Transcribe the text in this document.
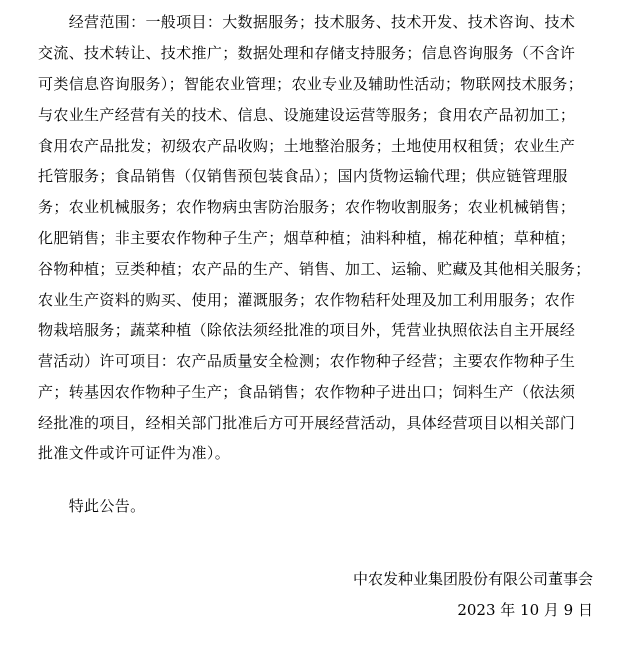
　　经营范围：一般项目：大数据服务；技术服务、技术开发、技术咨询、技术
交流、技术转让、技术推广；数据处理和存储支持服务；信息咨询服务（不含许
可类信息咨询服务）；智能农业管理；农业专业及辅助性活动；物联网技术服务；
与农业生产经营有关的技术、信息、设施建设运营等服务；食用农产品初加工；
食用农产品批发；初级农产品收购；土地整治服务；土地使用权租赁；农业生产
托管服务；食品销售（仅销售预包装食品）；国内货物运输代理；供应链管理服
务；农业机械服务；农作物病虫害防治服务；农作物收割服务；农业机械销售；
化肥销售；非主要农作物种子生产；烟草种植；油料种植，棉花种植；草种植；
谷物种植；豆类种植；农产品的生产、销售、加工、运输、贮藏及其他相关服务；
农业生产资料的购买、使用；灌溉服务；农作物秸秆处理及加工利用服务；农作
物栽培服务；蔬菜种植（除依法须经批准的项目外，凭营业执照依法自主开展经
营活动）许可项目：农产品质量安全检测；农作物种子经营；主要农作物种子生
产；转基因农作物种子生产；食品销售；农作物种子进出口；饲料生产（依法须
经批准的项目，经相关部门批准后方可开展经营活动，具体经营项目以相关部门
批准文件或许可证件为准）。
　　特此公告。
中农发种业集团股份有限公司董事会
2023 年 10 月 9 日
